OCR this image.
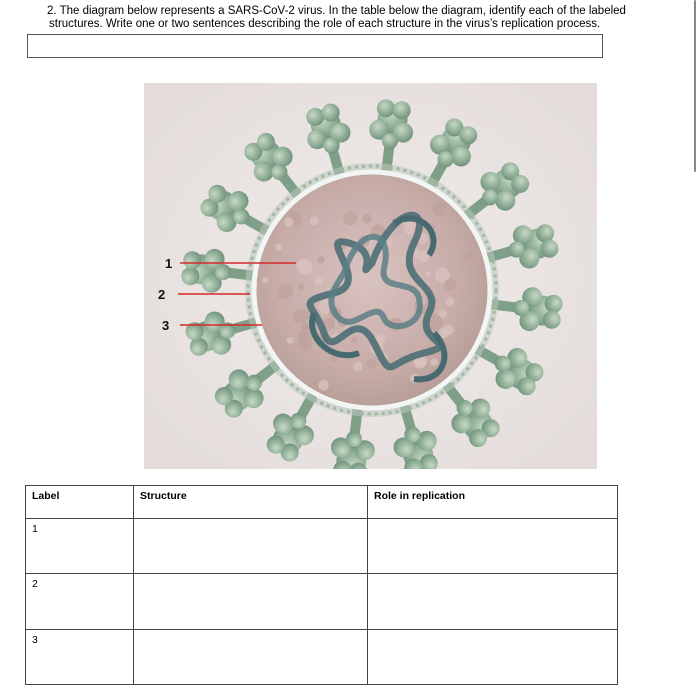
2. The diagram below represents a SARS-CoV-2 virus. In the table below the diagram, identify each of the labeled
structures. Write one or two sentences describing the role of each structure in the virus’s replication process.
1
2
3
Label	Structure	Role in replication
1		
2		
3		
